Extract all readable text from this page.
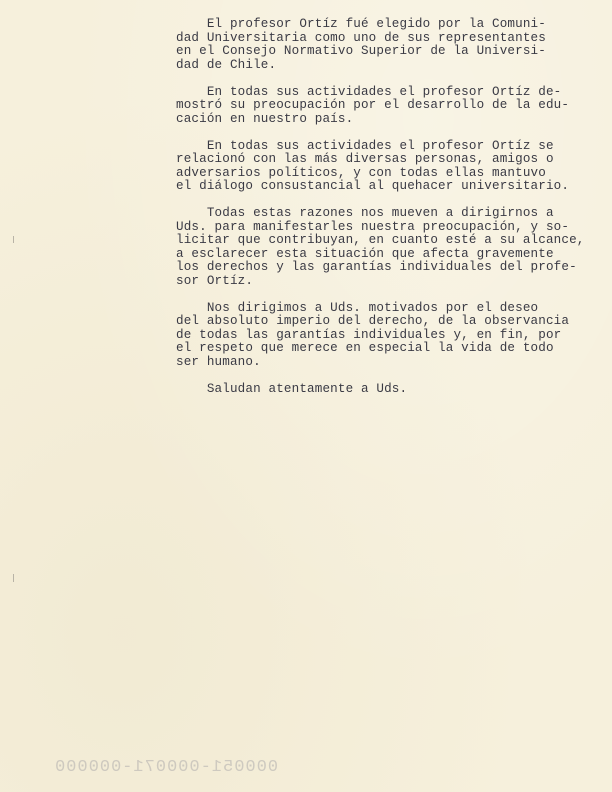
El profesor Ortíz fué elegido por la Comuni-
dad Universitaria como uno de sus representantes
en el Consejo Normativo Superior de la Universi-
dad de Chile.

En todas sus actividades el profesor Ortíz de-
mostró su preocupación por el desarrollo de la edu-
cación en nuestro país.

En todas sus actividades el profesor Ortíz se
relacionó con las más diversas personas, amigos o
adversarios políticos, y con todas ellas mantuvo
el diálogo consustancial al quehacer universitario.

Todas estas razones nos mueven a dirigirnos a
Uds. para manifestarles nuestra preocupación, y so-
licitar que contribuyan, en cuanto esté a su alcance,
a esclarecer esta situación que afecta gravemente
los derechos y las garantías individuales del profe-
sor Ortíz.

Nos dirigimos a Uds. motivados por el deseo
del absoluto imperio del derecho, de la observancia
de todas las garantías individuales y, en fin, por
el respeto que merece en especial la vida de todo
ser humano.

Saludan atentamente a Uds.

000051-000071-000000
